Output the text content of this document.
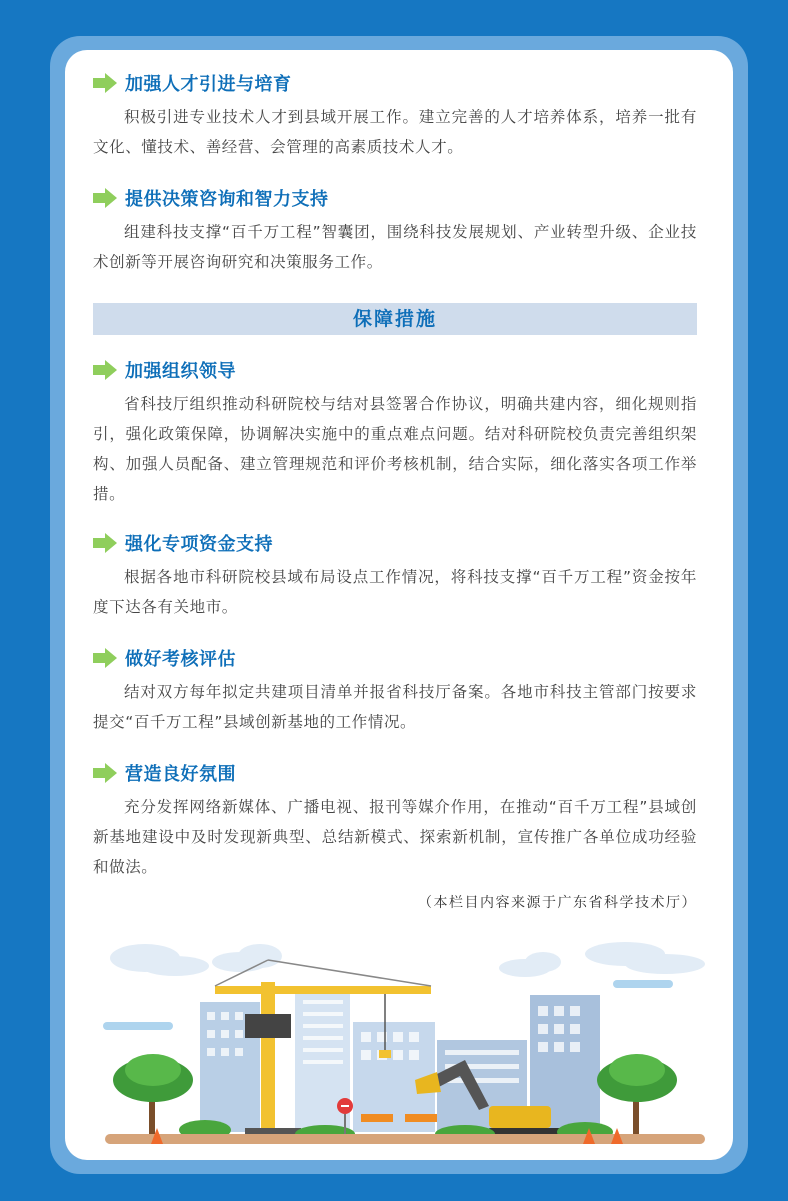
加强人才引进与培育

积极引进专业技术人才到县域开展工作。建立完善的人才培养体系，培养一批有文化、懂技术、善经营、会管理的高素质技术人才。

提供决策咨询和智力支持

组建科技支撑“百千万工程”智囊团，围绕科技发展规划、产业转型升级、企业技术创新等开展咨询研究和决策服务工作。

保障措施
加强组织领导

省科技厅组织推动科研院校与结对县签署合作协议，明确共建内容，细化规则指引，强化政策保障，协调解决实施中的重点难点问题。结对科研院校负责完善组织架构、加强人员配备、建立管理规范和评价考核机制，结合实际，细化落实各项工作举措。

强化专项资金支持

根据各地市科研院校县域布局设点工作情况，将科技支撑“百千万工程”资金按年度下达各有关地市。

做好考核评估

结对双方每年拟定共建项目清单并报省科技厅备案。各地市科技主管部门按要求提交“百千万工程”县域创新基地的工作情况。

营造良好氛围

充分发挥网络新媒体、广播电视、报刊等媒介作用，在推动“百千万工程”县域创新基地建设中及时发现新典型、总结新模式、探索新机制，宣传推广各单位成功经验和做法。

（本栏目内容来源于广东省科学技术厅）
